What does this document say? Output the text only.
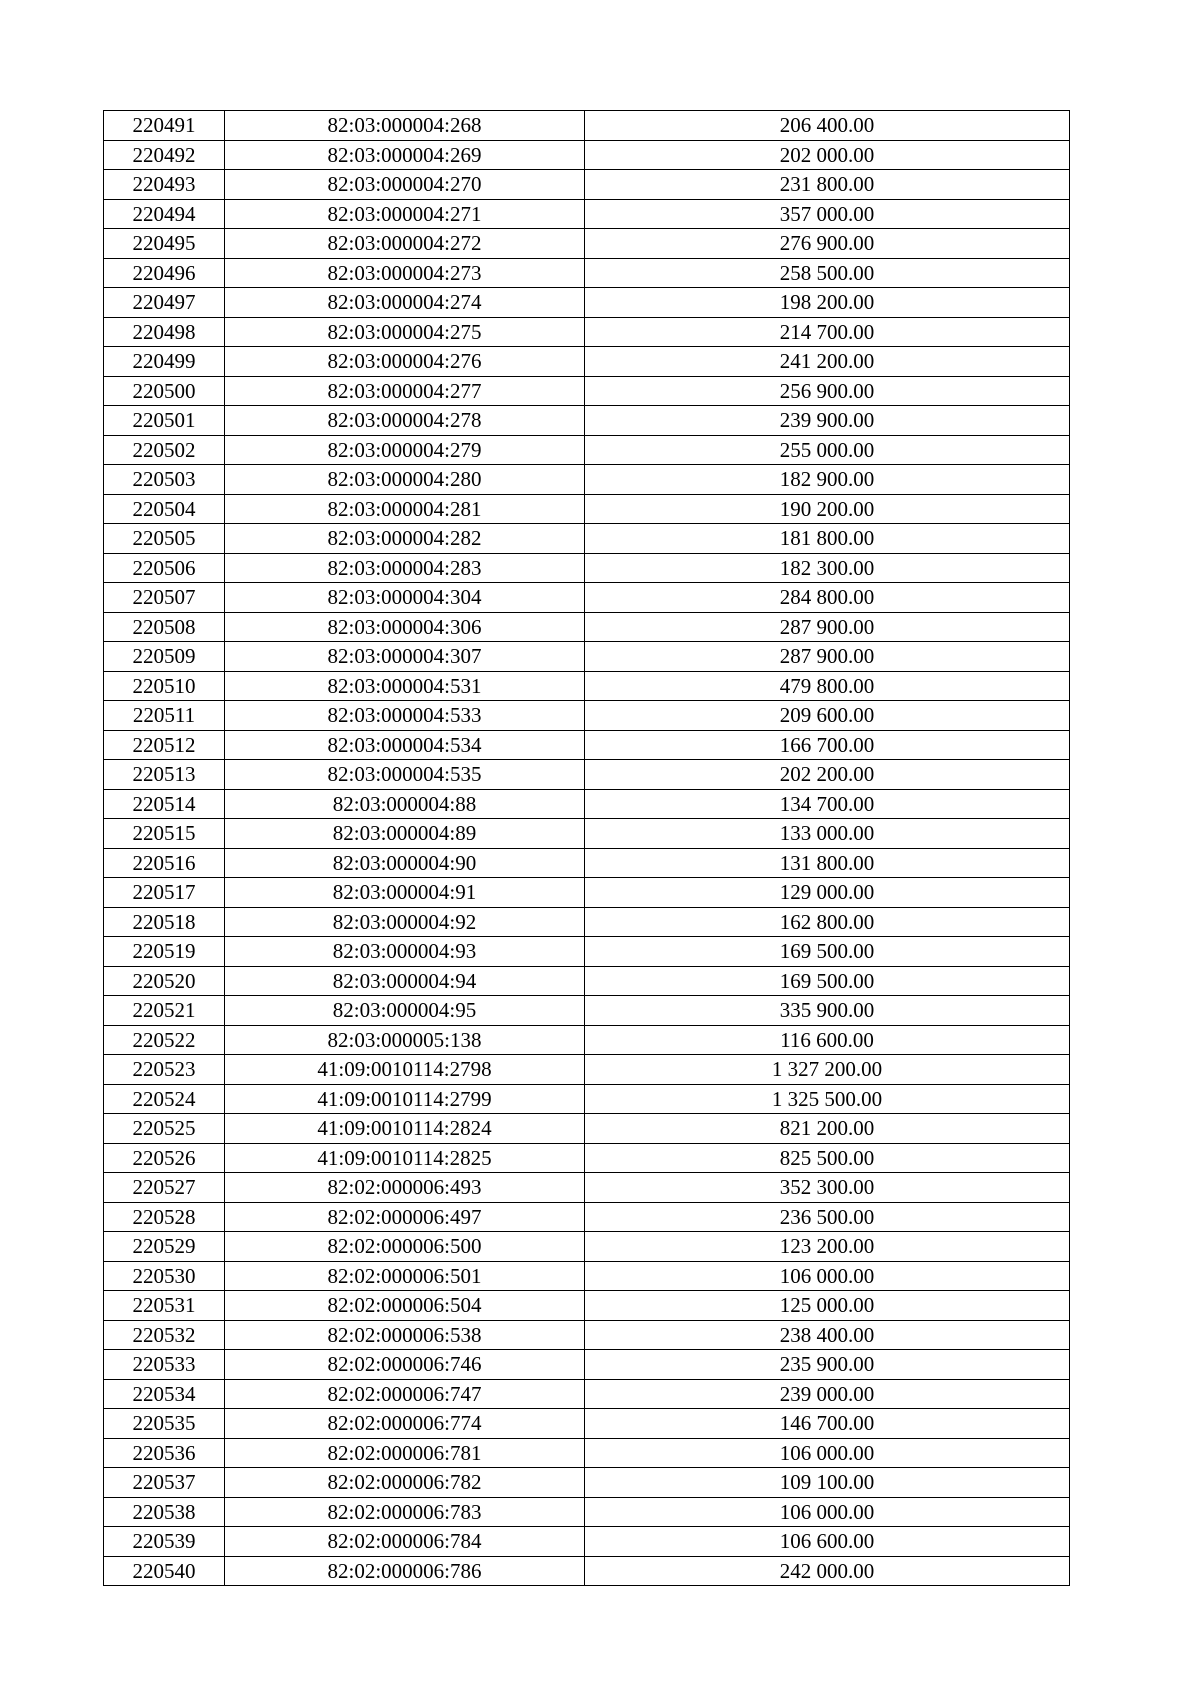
220491	82:03:000004:268	206 400.00
220492	82:03:000004:269	202 000.00
220493	82:03:000004:270	231 800.00
220494	82:03:000004:271	357 000.00
220495	82:03:000004:272	276 900.00
220496	82:03:000004:273	258 500.00
220497	82:03:000004:274	198 200.00
220498	82:03:000004:275	214 700.00
220499	82:03:000004:276	241 200.00
220500	82:03:000004:277	256 900.00
220501	82:03:000004:278	239 900.00
220502	82:03:000004:279	255 000.00
220503	82:03:000004:280	182 900.00
220504	82:03:000004:281	190 200.00
220505	82:03:000004:282	181 800.00
220506	82:03:000004:283	182 300.00
220507	82:03:000004:304	284 800.00
220508	82:03:000004:306	287 900.00
220509	82:03:000004:307	287 900.00
220510	82:03:000004:531	479 800.00
220511	82:03:000004:533	209 600.00
220512	82:03:000004:534	166 700.00
220513	82:03:000004:535	202 200.00
220514	82:03:000004:88	134 700.00
220515	82:03:000004:89	133 000.00
220516	82:03:000004:90	131 800.00
220517	82:03:000004:91	129 000.00
220518	82:03:000004:92	162 800.00
220519	82:03:000004:93	169 500.00
220520	82:03:000004:94	169 500.00
220521	82:03:000004:95	335 900.00
220522	82:03:000005:138	116 600.00
220523	41:09:0010114:2798	1 327 200.00
220524	41:09:0010114:2799	1 325 500.00
220525	41:09:0010114:2824	821 200.00
220526	41:09:0010114:2825	825 500.00
220527	82:02:000006:493	352 300.00
220528	82:02:000006:497	236 500.00
220529	82:02:000006:500	123 200.00
220530	82:02:000006:501	106 000.00
220531	82:02:000006:504	125 000.00
220532	82:02:000006:538	238 400.00
220533	82:02:000006:746	235 900.00
220534	82:02:000006:747	239 000.00
220535	82:02:000006:774	146 700.00
220536	82:02:000006:781	106 000.00
220537	82:02:000006:782	109 100.00
220538	82:02:000006:783	106 000.00
220539	82:02:000006:784	106 600.00
220540	82:02:000006:786	242 000.00
